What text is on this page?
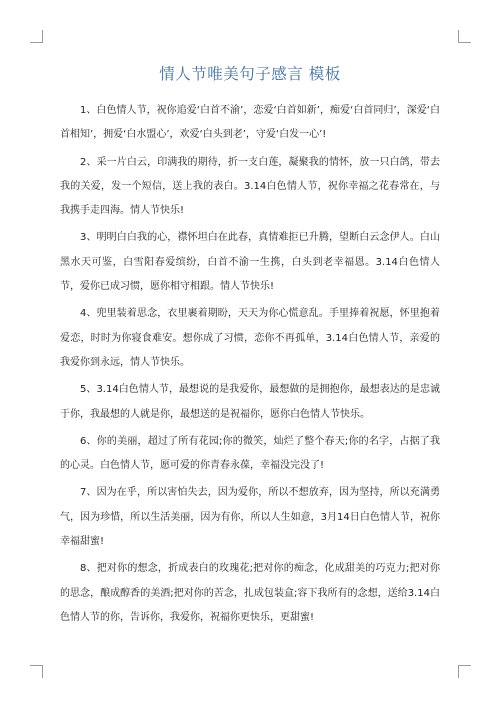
情人节唯美句子感言 模板

1、白色情人节，祝你追爱‘白首不渝’，恋爱‘白首如新’，痴爱‘白首同归’，深爱‘白首相知’，拥爱‘白水盟心’，欢爱‘白头到老’，守爱‘白发一心’!

2、采一片白云，印满我的期待，折一支白莲，凝聚我的情怀，放一只白鸽，带去我的关爱，发一个短信，送上我的表白。3.14白色情人节，祝你幸福之花春常在，与我携手走四海。情人节快乐!

3、明明白白我的心，襟怀坦白在此春，真情难拒已升腾，望断白云念伊人。白山黑水天可鉴，白雪阳春爱缤纷，白首不渝一生携，白头到老幸福恩。3.14白色情人节，爱你已成习惯，愿你相守相跟。情人节快乐!

4、兜里装着思念，衣里裹着期盼，天天为你心慌意乱。手里捧着祝愿，怀里抱着爱恋，时时为你寝食难安。想你成了习惯，恋你不再孤单，3.14白色情人节，亲爱的我爱你到永远，情人节快乐。

5、3.14白色情人节，最想说的是我爱你，最想做的是拥抱你，最想表达的是忠诚于你，我最想的人就是你，最想送的是祝福你，愿你白色情人节快乐。

6、你的美丽，超过了所有花园;你的微笑，灿烂了整个春天;你的名字，占据了我的心灵。白色情人节，愿可爱的你青春永葆，幸福没完没了!

7、因为在乎，所以害怕失去，因为爱你，所以不想放弃，因为坚持，所以充满勇气，因为珍惜，所以生活美丽，因为有你，所以人生如意，3月14日白色情人节，祝你幸福甜蜜!

8、把对你的想念，折成表白的玫瑰花;把对你的痴念，化成甜美的巧克力;把对你的思念，酿成醇香的美酒;把对你的苦念，扎成包装盒;容下我所有的念想，送给3.14白色情人节的你，告诉你，我爱你，祝福你更快乐，更甜蜜!
